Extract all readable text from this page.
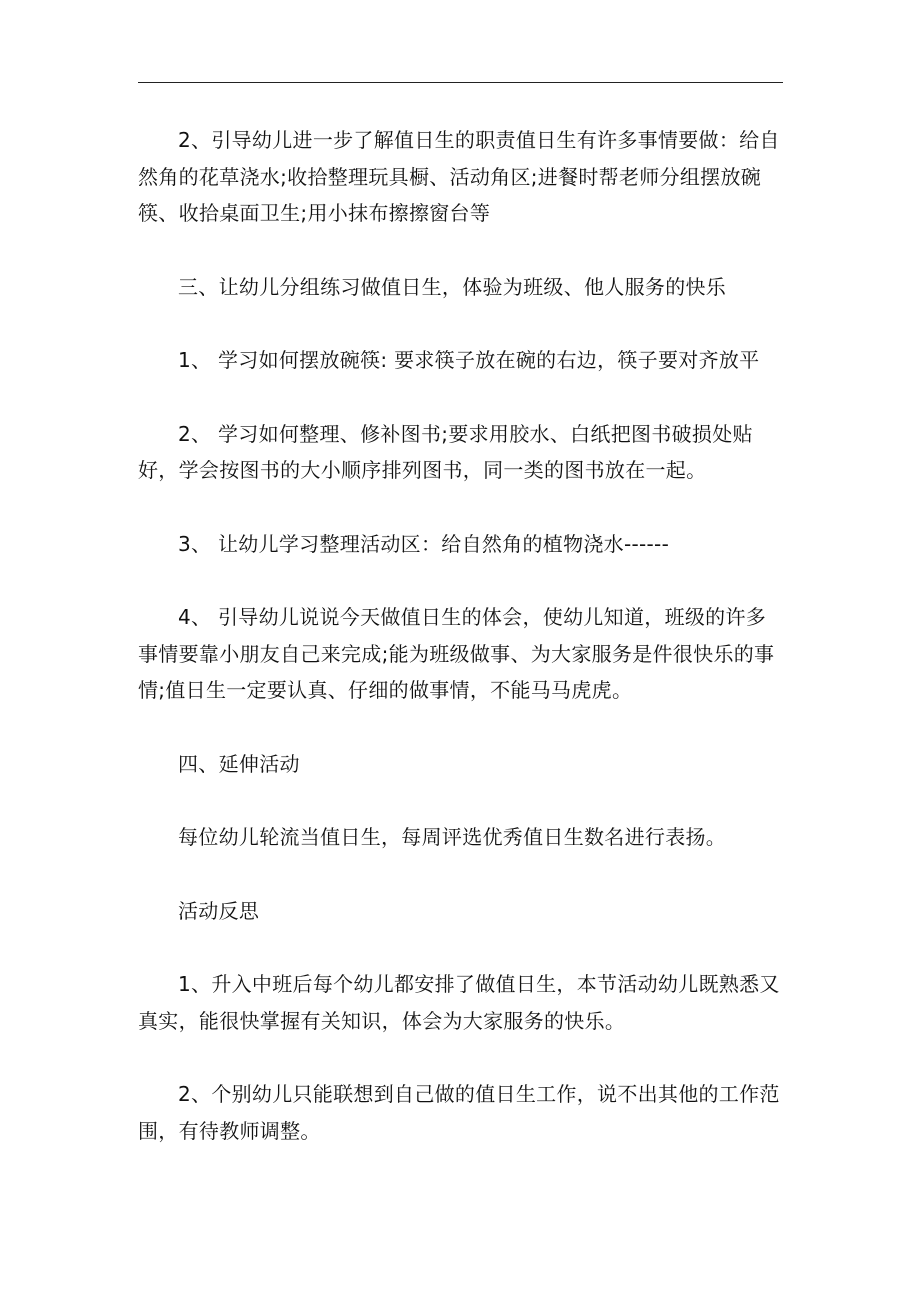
2、引导幼儿进一步了解值日生的职责值日生有许多事情要做：给自然角的花草浇水;收拾整理玩具橱、活动角区;进餐时帮老师分组摆放碗筷、收拾桌面卫生;用小抹布擦擦窗台等

三、让幼儿分组练习做值日生，体验为班级、他人服务的快乐

1、 学习如何摆放碗筷: 要求筷子放在碗的右边，筷子要对齐放平

2、 学习如何整理、修补图书;要求用胶水、白纸把图书破损处贴好，学会按图书的大小顺序排列图书，同一类的图书放在一起。

3、 让幼儿学习整理活动区：给自然角的植物浇水------

4、 引导幼儿说说今天做值日生的体会，使幼儿知道，班级的许多事情要靠小朋友自己来完成;能为班级做事、为大家服务是件很快乐的事情;值日生一定要认真、仔细的做事情，不能马马虎虎。

四、延伸活动

每位幼儿轮流当值日生，每周评选优秀值日生数名进行表扬。

活动反思

1、升入中班后每个幼儿都安排了做值日生，本节活动幼儿既熟悉又真实，能很快掌握有关知识，体会为大家服务的快乐。

2、个别幼儿只能联想到自己做的值日生工作，说不出其他的工作范围，有待教师调整。
